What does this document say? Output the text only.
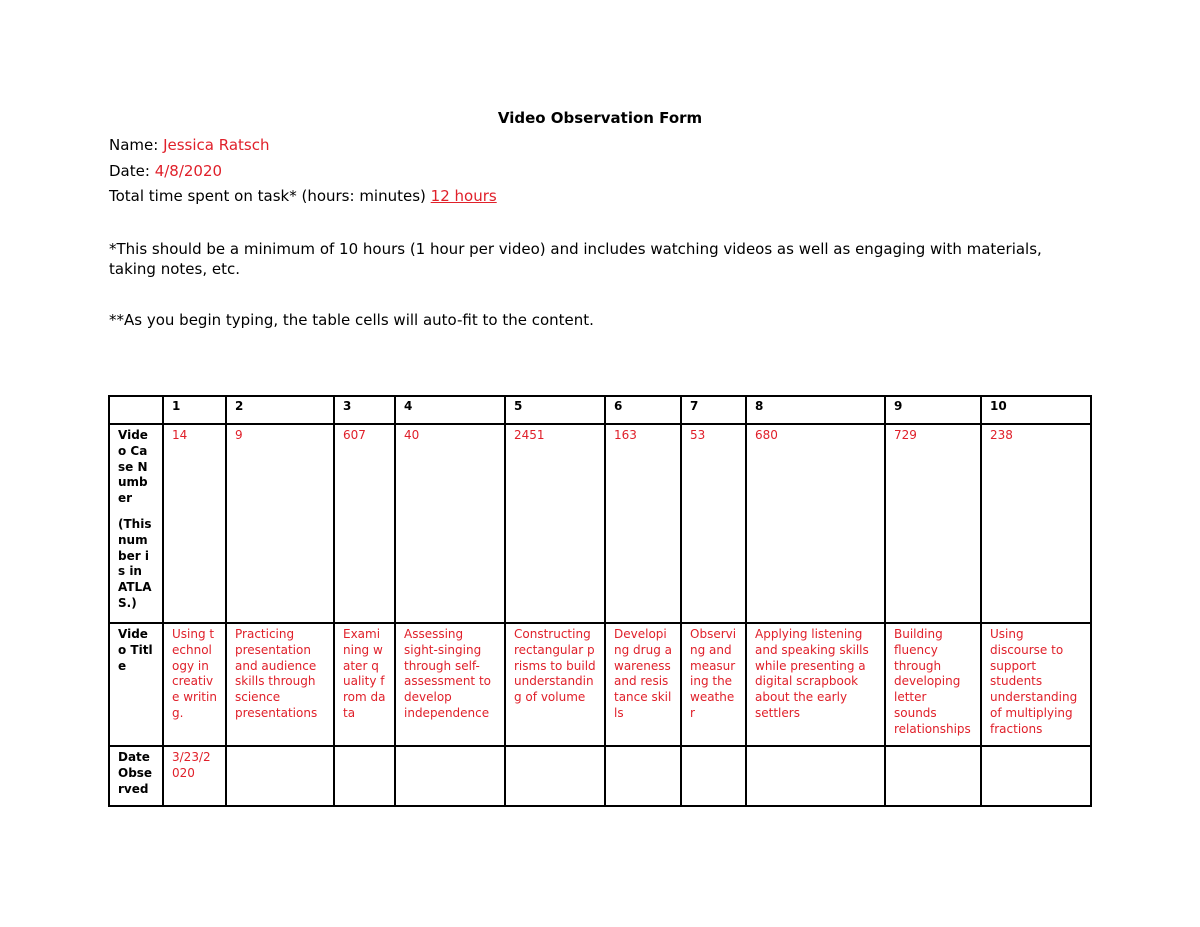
Video Observation Form
Name: Jessica Ratsch
Date: 4/8/2020
Total time spent on task* (hours: minutes) 12 hours
*This should be a minimum of 10 hours (1 hour per video) and includes watching videos as well as engaging with materials, taking notes, etc.
**As you begin typing, the table cells will auto-fit to the content.
	1	2	3	4	5	6	7	8	9	10

Video Case Number
(This number is in ATLAS.)	14	9	607	40	2451	163	53	680	729	238
Video Title	Using technology in creative writing.	Practicing presentation and audience skills through science presentations	Examining water quality from data	Assessing sight-singing through self-assessment to develop independence	Constructing rectangular prisms to build understanding of volume	Developing drug awareness and resistance skills	Observing and measuring the weather	Applying listening and speaking skills while presenting a digital scrapbook about the early settlers	Building fluency through developing letter sounds relationships	Using discourse to support students understanding of multiplying fractions
Date Observed	3/23/2020									
